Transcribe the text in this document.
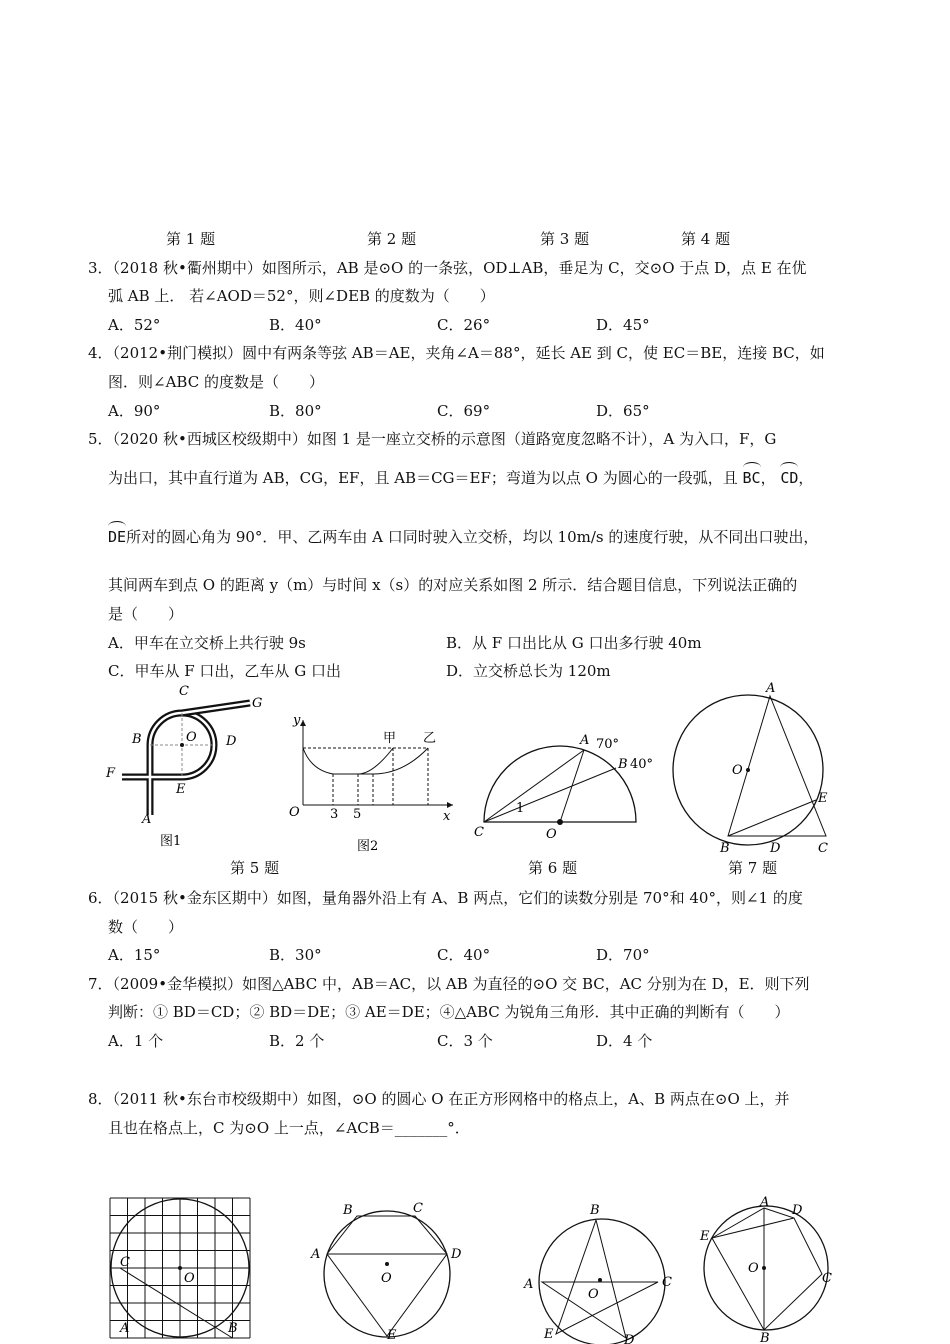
第 1 题	第 2 题	第 3 题	第 4 题
3．（2018 秋•衢州期中）如图所示，AB 是⊙O 的一条弦，OD⊥AB，垂足为 C，交⊙O 于点 D，点 E 在优
弧 AB 上． 若∠AOD＝52°，则∠DEB 的度数为（　　）
A．52°	B．40°	C．26°	D．45°
4．（2012•荆门模拟）圆中有两条等弦 AB＝AE，夹角∠A＝88°，延长 AE 到 C，使 EC＝BE，连接 BC，如
图．则∠ABC 的度数是（　　）
A．90°	B．80°	C．69°	D．65°
5．（2020 秋•西城区校级期中）如图 1 是一座立交桥的示意图（道路宽度忽略不计），A 为入口，F，G
为出口，其中直行道为 AB，CG，EF，且 AB＝CG＝EF；弯道为以点 O 为圆心的一段弧，且 BC， CD，
DE所对的圆心角为 90°．甲、乙两车由 A 口同时驶入立交桥，均以 10m/s 的速度行驶，从不同出口驶出，
其间两车到点 O 的距离 y（m）与时间 x（s）的对应关系如图 2 所示．结合题目信息，下列说法正确的
是（　　）
A．甲车在立交桥上共行驶 9s	B．从 F 口出比从 G 口出多行驶 40m
C．甲车从 F 口出，乙车从 G 口出	D．立交桥总长为 120m
C
G
B	O D
F
E
A
图1
y
x
O 3 5
甲 乙
图2
A 70°
B 40°
C	O
1
A
O
E
B	D	C
第 5 题	第 6 题	第 7 题
6．（2015 秋•金东区期中）如图，量角器外沿上有 A、B 两点，它们的读数分别是 70°和 40°，则∠1 的度
数（　　）
A．15°	B．30°	C．40°	D．70°
7．（2009•金华模拟）如图△ABC 中，AB＝AC，以 AB 为直径的⊙O 交 BC，AC 分别为在 D，E．则下列
判断：① BD＝CD；② BD＝DE；③ AE＝DE；④△ABC 为锐角三角形．其中正确的判断有（　　）
A．1 个	B．2 个	C．3 个	D．4 个
8．（2011 秋•东台市校级期中）如图，⊙O 的圆心 O 在正方形网格中的格点上，A、B 两点在⊙O 上，并
且也在格点上，C 为⊙O 上一点，∠ACB＝_______°．
C
O
A	B
B	C
A	D
O
E
B
A	C
O
E	D
A
D
E
O
C
B
